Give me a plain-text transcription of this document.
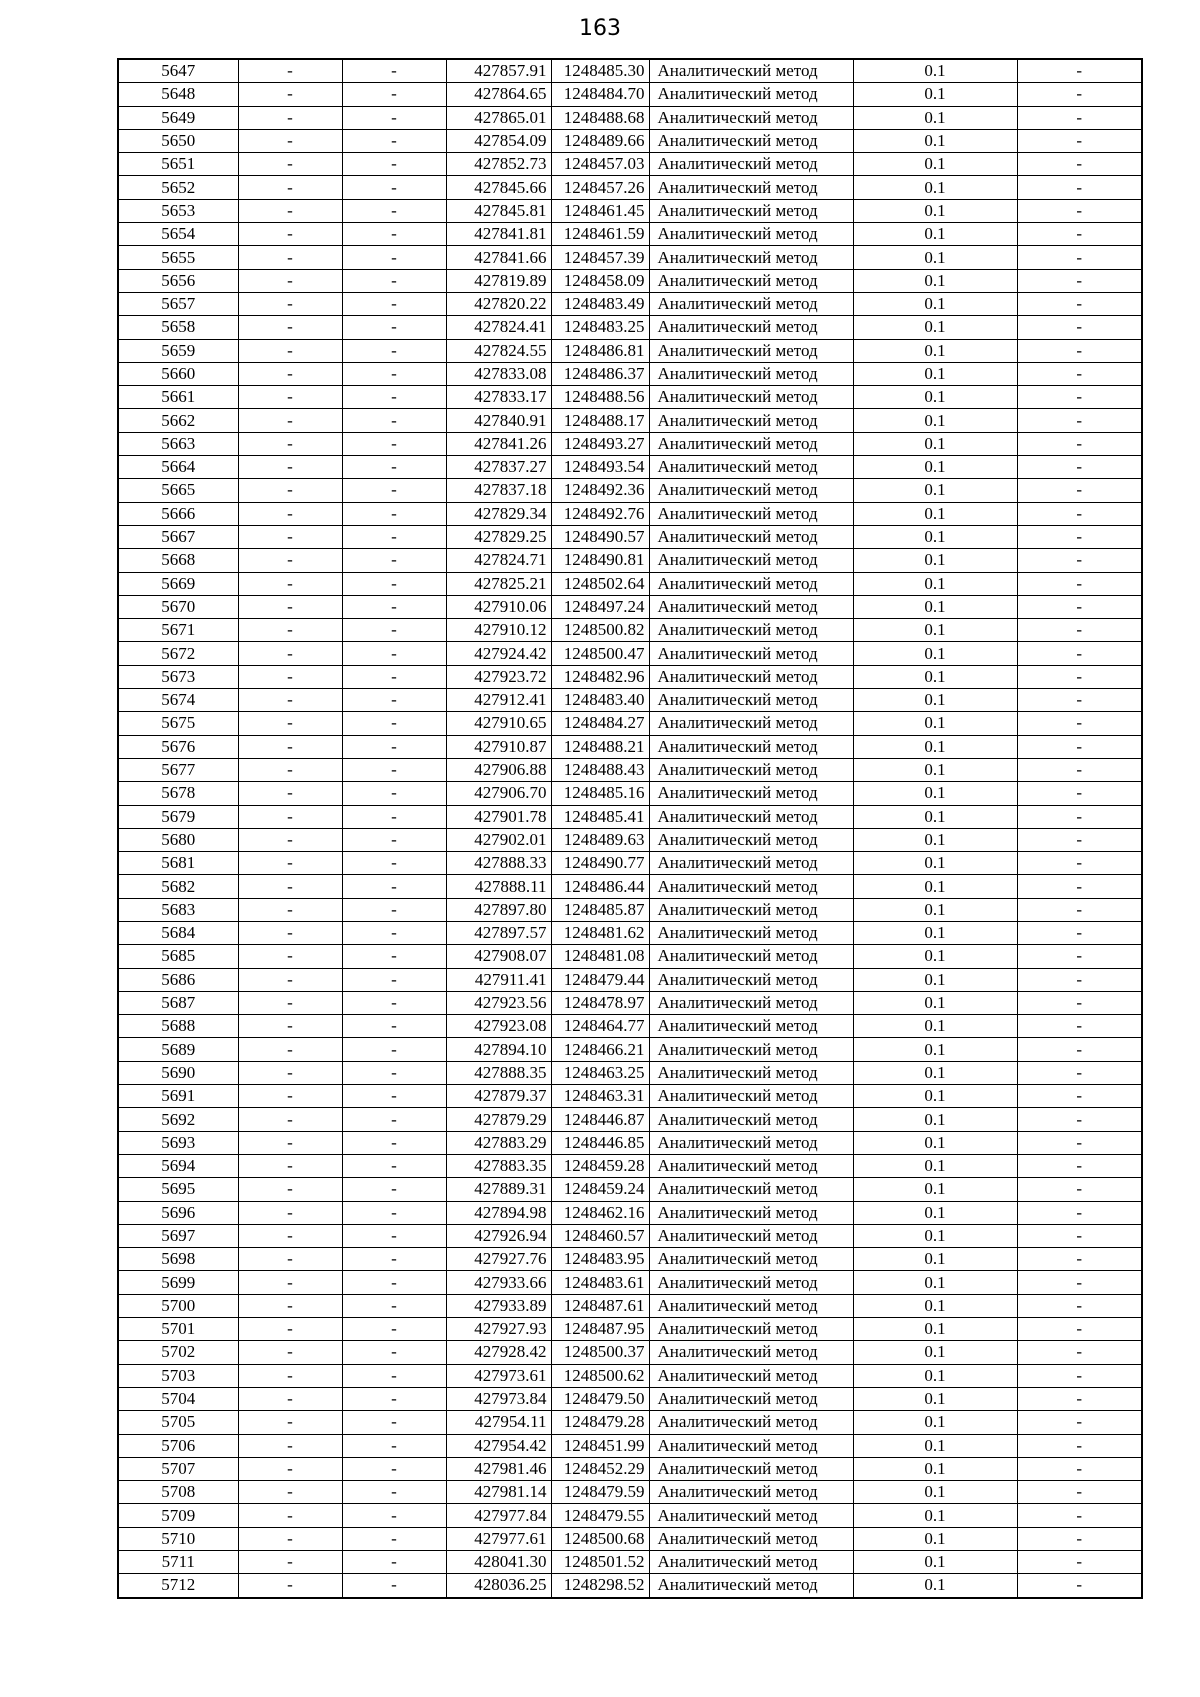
163
5647	-	-	427857.91	1248485.30	Аналитический метод	0.1	-
5648	-	-	427864.65	1248484.70	Аналитический метод	0.1	-
5649	-	-	427865.01	1248488.68	Аналитический метод	0.1	-
5650	-	-	427854.09	1248489.66	Аналитический метод	0.1	-
5651	-	-	427852.73	1248457.03	Аналитический метод	0.1	-
5652	-	-	427845.66	1248457.26	Аналитический метод	0.1	-
5653	-	-	427845.81	1248461.45	Аналитический метод	0.1	-
5654	-	-	427841.81	1248461.59	Аналитический метод	0.1	-
5655	-	-	427841.66	1248457.39	Аналитический метод	0.1	-
5656	-	-	427819.89	1248458.09	Аналитический метод	0.1	-
5657	-	-	427820.22	1248483.49	Аналитический метод	0.1	-
5658	-	-	427824.41	1248483.25	Аналитический метод	0.1	-
5659	-	-	427824.55	1248486.81	Аналитический метод	0.1	-
5660	-	-	427833.08	1248486.37	Аналитический метод	0.1	-
5661	-	-	427833.17	1248488.56	Аналитический метод	0.1	-
5662	-	-	427840.91	1248488.17	Аналитический метод	0.1	-
5663	-	-	427841.26	1248493.27	Аналитический метод	0.1	-
5664	-	-	427837.27	1248493.54	Аналитический метод	0.1	-
5665	-	-	427837.18	1248492.36	Аналитический метод	0.1	-
5666	-	-	427829.34	1248492.76	Аналитический метод	0.1	-
5667	-	-	427829.25	1248490.57	Аналитический метод	0.1	-
5668	-	-	427824.71	1248490.81	Аналитический метод	0.1	-
5669	-	-	427825.21	1248502.64	Аналитический метод	0.1	-
5670	-	-	427910.06	1248497.24	Аналитический метод	0.1	-
5671	-	-	427910.12	1248500.82	Аналитический метод	0.1	-
5672	-	-	427924.42	1248500.47	Аналитический метод	0.1	-
5673	-	-	427923.72	1248482.96	Аналитический метод	0.1	-
5674	-	-	427912.41	1248483.40	Аналитический метод	0.1	-
5675	-	-	427910.65	1248484.27	Аналитический метод	0.1	-
5676	-	-	427910.87	1248488.21	Аналитический метод	0.1	-
5677	-	-	427906.88	1248488.43	Аналитический метод	0.1	-
5678	-	-	427906.70	1248485.16	Аналитический метод	0.1	-
5679	-	-	427901.78	1248485.41	Аналитический метод	0.1	-
5680	-	-	427902.01	1248489.63	Аналитический метод	0.1	-
5681	-	-	427888.33	1248490.77	Аналитический метод	0.1	-
5682	-	-	427888.11	1248486.44	Аналитический метод	0.1	-
5683	-	-	427897.80	1248485.87	Аналитический метод	0.1	-
5684	-	-	427897.57	1248481.62	Аналитический метод	0.1	-
5685	-	-	427908.07	1248481.08	Аналитический метод	0.1	-
5686	-	-	427911.41	1248479.44	Аналитический метод	0.1	-
5687	-	-	427923.56	1248478.97	Аналитический метод	0.1	-
5688	-	-	427923.08	1248464.77	Аналитический метод	0.1	-
5689	-	-	427894.10	1248466.21	Аналитический метод	0.1	-
5690	-	-	427888.35	1248463.25	Аналитический метод	0.1	-
5691	-	-	427879.37	1248463.31	Аналитический метод	0.1	-
5692	-	-	427879.29	1248446.87	Аналитический метод	0.1	-
5693	-	-	427883.29	1248446.85	Аналитический метод	0.1	-
5694	-	-	427883.35	1248459.28	Аналитический метод	0.1	-
5695	-	-	427889.31	1248459.24	Аналитический метод	0.1	-
5696	-	-	427894.98	1248462.16	Аналитический метод	0.1	-
5697	-	-	427926.94	1248460.57	Аналитический метод	0.1	-
5698	-	-	427927.76	1248483.95	Аналитический метод	0.1	-
5699	-	-	427933.66	1248483.61	Аналитический метод	0.1	-
5700	-	-	427933.89	1248487.61	Аналитический метод	0.1	-
5701	-	-	427927.93	1248487.95	Аналитический метод	0.1	-
5702	-	-	427928.42	1248500.37	Аналитический метод	0.1	-
5703	-	-	427973.61	1248500.62	Аналитический метод	0.1	-
5704	-	-	427973.84	1248479.50	Аналитический метод	0.1	-
5705	-	-	427954.11	1248479.28	Аналитический метод	0.1	-
5706	-	-	427954.42	1248451.99	Аналитический метод	0.1	-
5707	-	-	427981.46	1248452.29	Аналитический метод	0.1	-
5708	-	-	427981.14	1248479.59	Аналитический метод	0.1	-
5709	-	-	427977.84	1248479.55	Аналитический метод	0.1	-
5710	-	-	427977.61	1248500.68	Аналитический метод	0.1	-
5711	-	-	428041.30	1248501.52	Аналитический метод	0.1	-
5712	-	-	428036.25	1248298.52	Аналитический метод	0.1	-
